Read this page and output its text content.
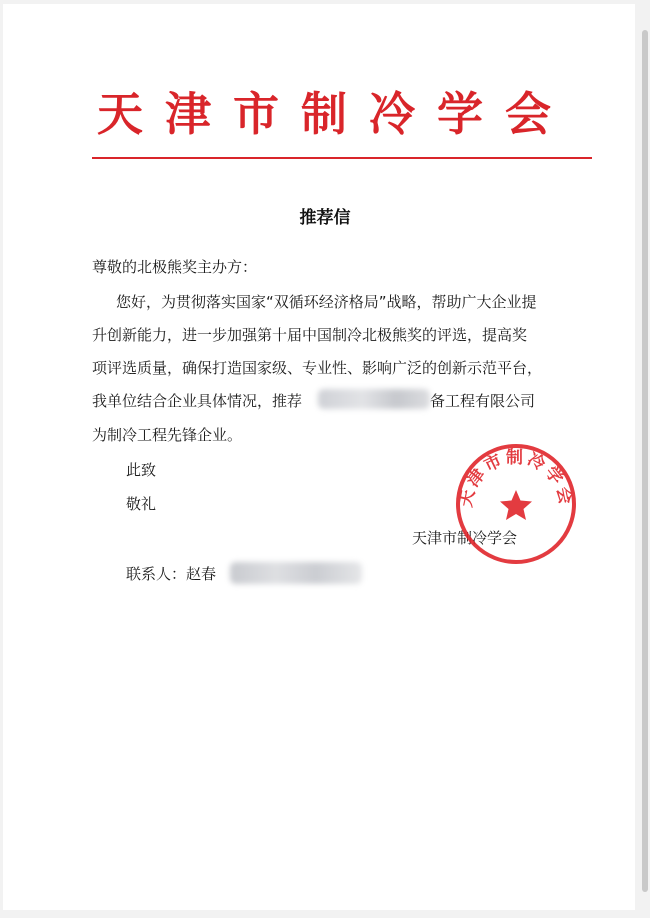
天津市制冷学会
推荐信
尊敬的北极熊奖主办方：
您好，为贯彻落实国家“双循环经济格局”战略，帮助广大企业提
升创新能力，进一步加强第十届中国制冷北极熊奖的评选，提高奖
项评选质量，确保打造国家级、专业性、影响广泛的创新示范平台，
我单位结合企业具体情况，推荐	备工程有限公司
为制冷工程先锋企业。
此致
敬礼
天津市制冷学会
联系人：赵春
天津市制冷学会
